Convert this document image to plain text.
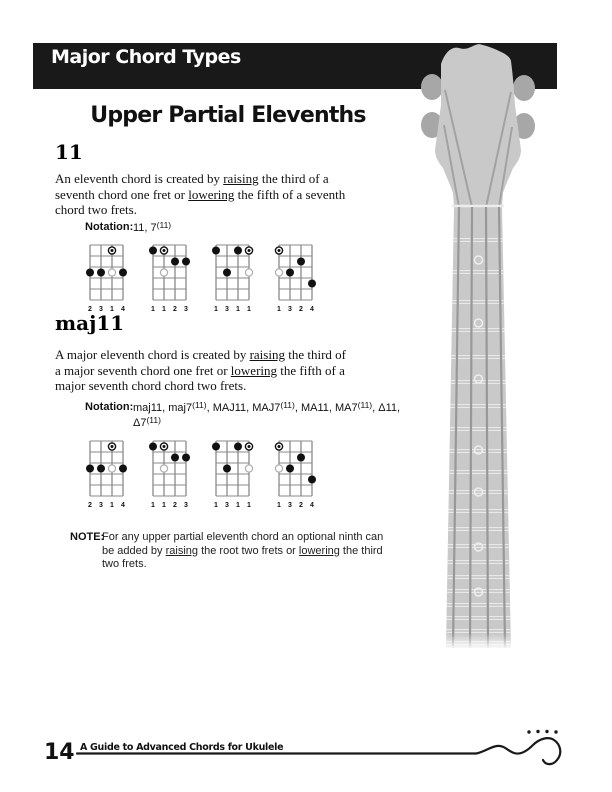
Major Chord Types
Upper Partial Elevenths
11
An eleventh chord is created by raising the third of a
seventh chord one fret or lowering the fifth of a seventh
chord two frets.
Notation: 11, 7$^{(11)}$
2 3 1 4	1 1 2 3	1 3 1 1	1 3 2 4
maj11
A major eleventh chord is created by raising the third of
a major seventh chord one fret or lowering the fifth of a
major seventh chord chord two frets.
Notation: maj11, maj7$^{(11)}$, MAJ11, MAJ7$^{(11)}$, MA11, MA7$^{(11)}$, Δ11,
Δ7$^{(11)}$
2 3 1 4	1 1 2 3	1 3 1 1	1 3 2 4
NOTE:
For any upper partial eleventh chord an optional ninth can
be added by raising the root two frets or lowering the third
two frets.
14 A Guide to Advanced Chords for Ukulele
